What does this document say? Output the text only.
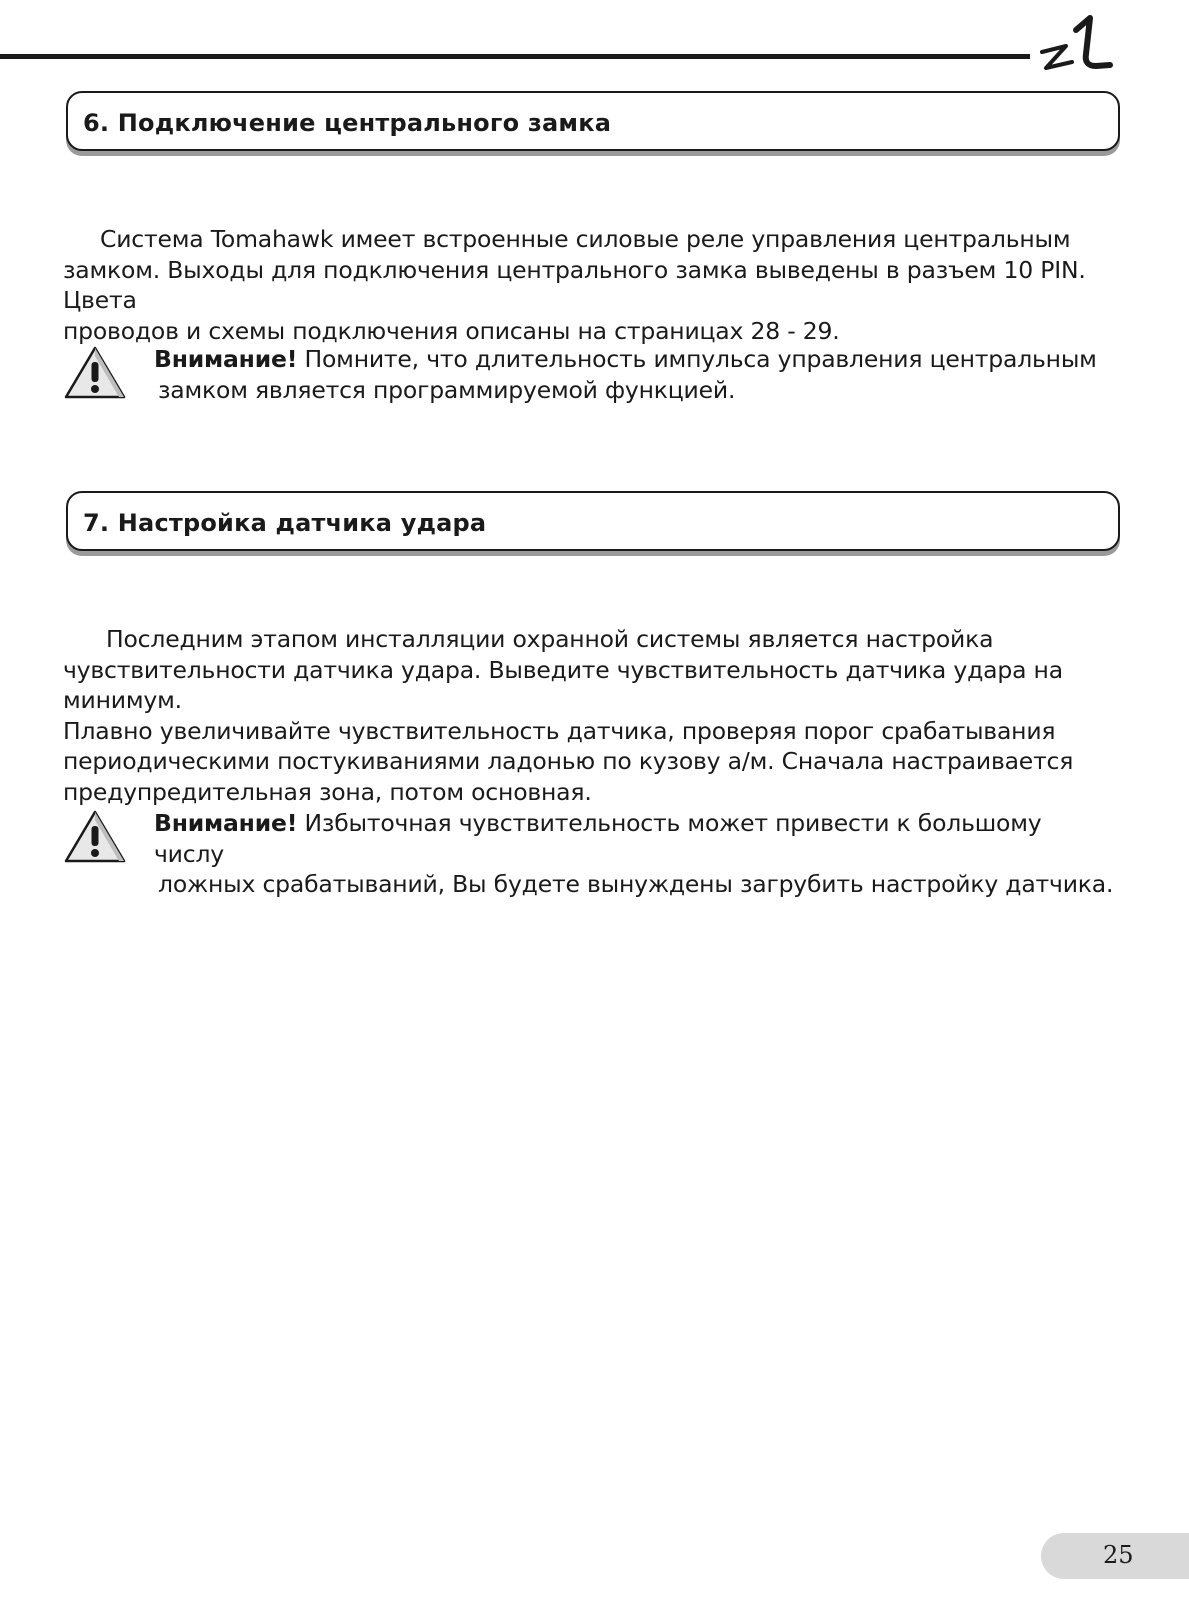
6. Подключение центрального замка

Система Tomahawk имеет встроенные силовые реле управления центральным
замком. Выходы для подключения центрального замка выведены в разъем 10 PIN. Цвета
проводов и схемы подключения описаны на страницах 28 - 29.

Внимание! Помните, что длительность импульса управления центральным
замком является программируемой функцией.

7. Настройка датчика удара

Последним этапом инсталляции охранной системы является настройка
чувствительности датчика удара. Выведите чувствительность датчика удара на минимум.
Плавно увеличивайте чувствительность датчика, проверяя порог срабатывания
периодическими постукиваниями ладонью по кузову а/м. Сначала настраивается
предупредительная зона, потом основная.

Внимание! Избыточная чувствительность может привести к большому числу
ложных срабатываний, Вы будете вынуждены загрубить настройку датчика.

25
